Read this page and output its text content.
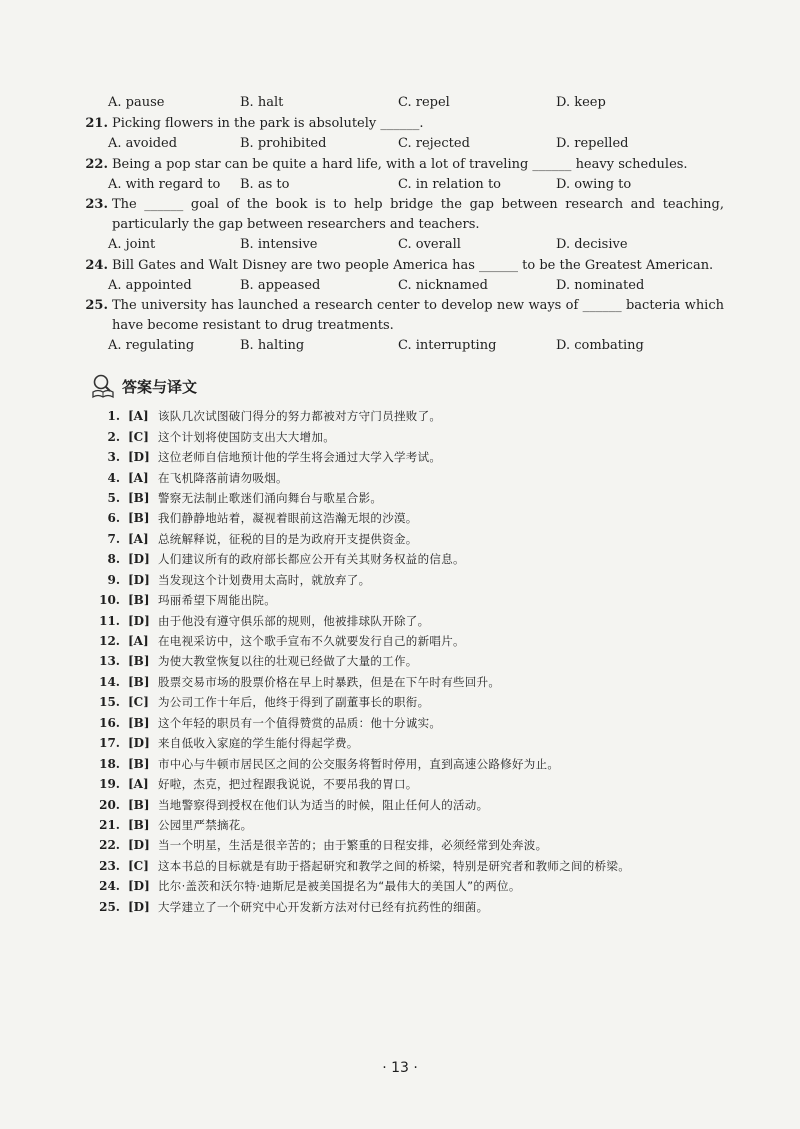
A. pause	B. halt	C. repel	D. keep
21. Picking flowers in the park is absolutely ______.
A. avoided	B. prohibited	C. rejected	D. repelled
22. Being a pop star can be quite a hard life, with a lot of traveling ______ heavy schedules.
A. with regard to	B. as to	C. in relation to	D. owing to
23. The ______ goal of the book is to help bridge the gap between research and teaching, particularly the gap between researchers and teachers.
A. joint	B. intensive	C. overall	D. decisive
24. Bill Gates and Walt Disney are two people America has ______ to be the Greatest American.
A. appointed	B. appeased	C. nicknamed	D. nominated
25. The university has launched a research center to develop new ways of ______ bacteria which have become resistant to drug treatments.
A. regulating	B. halting	C. interrupting	D. combating
答案与译文
1. [A] 该队几次试图破门得分的努力都被对方守门员挫败了。
2. [C] 这个计划将使国防支出大大增加。
3. [D] 这位老师自信地预计他的学生将会通过大学入学考试。
4. [A] 在飞机降落前请勿吸烟。
5. [B] 警察无法制止歌迷们涌向舞台与歌星合影。
6. [B] 我们静静地站着，凝视着眼前这浩瀚无垠的沙漠。
7. [A] 总统解释说，征税的目的是为政府开支提供资金。
8. [D] 人们建议所有的政府部长都应公开有关其财务权益的信息。
9. [D] 当发现这个计划费用太高时，就放弃了。
10. [B] 玛丽希望下周能出院。
11. [D] 由于他没有遵守俱乐部的规则，他被排球队开除了。
12. [A] 在电视采访中，这个歌手宣布不久就要发行自己的新唱片。
13. [B] 为使大教堂恢复以往的壮观已经做了大量的工作。
14. [B] 股票交易市场的股票价格在早上时暴跌，但是在下午时有些回升。
15. [C] 为公司工作十年后，他终于得到了副董事长的职衔。
16. [B] 这个年轻的职员有一个值得赞赏的品质：他十分诚实。
17. [D] 来自低收入家庭的学生能付得起学费。
18. [B] 市中心与牛顿市居民区之间的公交服务将暂时停用，直到高速公路修好为止。
19. [A] 好啦，杰克，把过程跟我说说，不要吊我的胃口。
20. [B] 当地警察得到授权在他们认为适当的时候，阻止任何人的活动。
21. [B] 公园里严禁摘花。
22. [D] 当一个明星，生活是很辛苦的；由于繁重的日程安排，必须经常到处奔波。
23. [C] 这本书总的目标就是有助于搭起研究和教学之间的桥梁，特别是研究者和教师之间的桥梁。
24. [D] 比尔·盖茨和沃尔特·迪斯尼是被美国提名为“最伟大的美国人”的两位。
25. [D] 大学建立了一个研究中心开发新方法对付已经有抗药性的细菌。
· 13 ·
